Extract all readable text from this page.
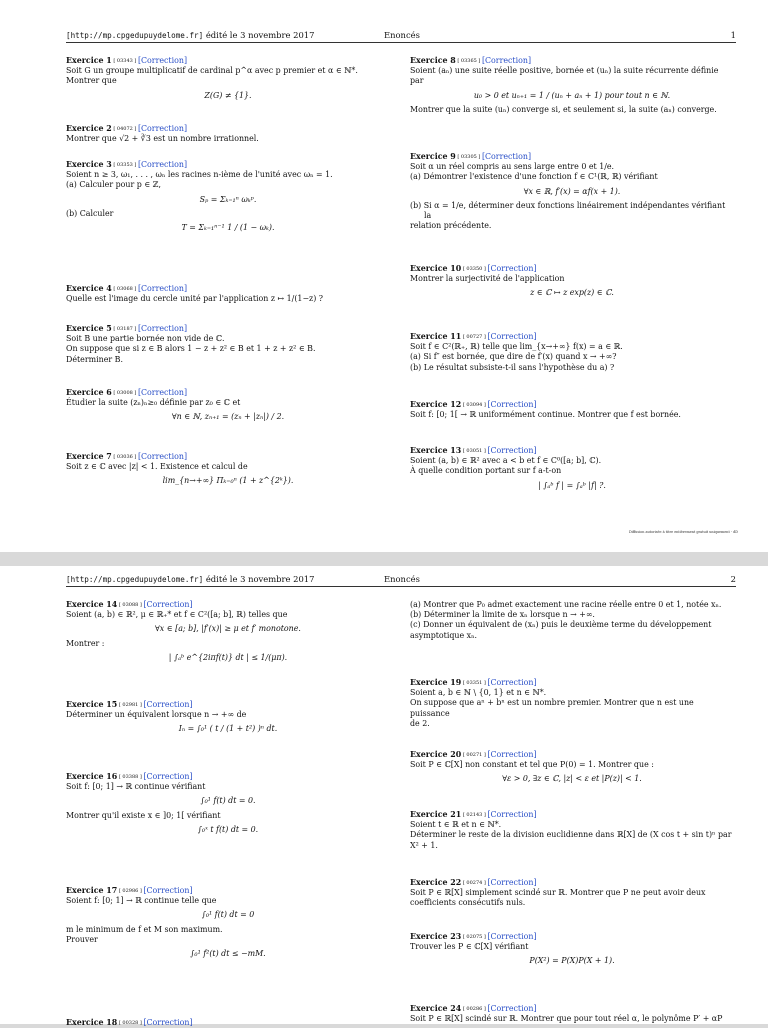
[http://mp.cpgedupuydelome.fr] édité le 3 novembre 2017	Enoncés	1
Exercice 1 [ 03343 ] [Correction]
Soit G un groupe multiplicatif de cardinal p^α avec p premier et α ∈ ℕ*.
Montrer que
Z(G) ≠ {1}.
Exercice 2 [ 04072 ] [Correction]
Montrer que √2 + ∛3 est un nombre irrationnel.
Exercice 3 [ 03353 ] [Correction]
Soient n ≥ 3, ω₁, . . . , ωₙ les racines n-ième de l'unité avec ωₙ = 1.
(a) Calculer pour p ∈ ℤ,
Sₚ = Σₖ₌₁ⁿ ωₖᵖ.
(b) Calculer
T = Σₖ₌₁ⁿ⁻¹ 1 / (1 − ωₖ).
Exercice 4 [ 03068 ] [Correction]
Quelle est l'image du cercle unité par l'application z ↦ 1/(1−z) ?
Exercice 5 [ 03187 ] [Correction]
Soit B une partie bornée non vide de ℂ.
On suppose que si z ∈ B alors 1 − z + z² ∈ B et 1 + z + z² ∈ B.
Déterminer B.
Exercice 6 [ 03008 ] [Correction]
Étudier la suite (zₙ)ₙ≥₀ définie par z₀ ∈ ℂ et
∀n ∈ ℕ, zₙ₊₁ = (zₙ + |zₙ|) / 2.
Exercice 7 [ 03036 ] [Correction]
Soit z ∈ ℂ avec |z| < 1. Existence et calcul de
lim_{n→+∞} Πₖ₌₀ⁿ (1 + z^{2ᵏ}).
Exercice 8 [ 03365 ] [Correction]
Soient (aₙ) une suite réelle positive, bornée et (uₙ) la suite récurrente définie par
u₀ > 0 et uₙ₊₁ = 1 / (uₙ + aₙ + 1) pour tout n ∈ ℕ.
Montrer que la suite (uₙ) converge si, et seulement si, la suite (aₙ) converge.
Exercice 9 [ 03305 ] [Correction]
Soit α un réel compris au sens large entre 0 et 1/e.
(a) Démontrer l'existence d'une fonction f ∈ C¹(ℝ, ℝ) vérifiant
∀x ∈ ℝ, f′(x) = αf(x + 1).
(b) Si α = 1/e, déterminer deux fonctions linéairement indépendantes vérifiant la
relation précédente.
Exercice 10 [ 03350 ] [Correction]
Montrer la surjectivité de l'application
z ∈ ℂ ↦ z exp(z) ∈ ℂ.
Exercice 11 [ 00727 ] [Correction]
Soit f ∈ C²(ℝ₊, ℝ) telle que lim_{x→+∞} f(x) = a ∈ ℝ.
(a) Si f″ est bornée, que dire de f′(x) quand x → +∞?
(b) Le résultat subsiste-t-il sans l'hypothèse du a) ?
Exercice 12 [ 03094 ] [Correction]
Soit f: [0; 1[ → ℝ uniformément continue. Montrer que f est bornée.
Exercice 13 [ 03051 ] [Correction]
Soient (a, b) ∈ ℝ² avec a < b et f ∈ C⁰([a; b], ℂ).
À quelle condition portant sur f a-t-on
| ∫ₐᵇ f | = ∫ₐᵇ |f| ?.
Diffusion autorisée à titre entièrement gratuit uniquement - dD
[http://mp.cpgedupuydelome.fr] édité le 3 novembre 2017	Enoncés	2
Exercice 14 [ 03088 ] [Correction]
Soient (a, b) ∈ ℝ², μ ∈ ℝ₊* et f ∈ C²([a; b], ℝ) telles que
∀x ∈ [a; b], |f′(x)| ≥ μ et f′ monotone.
Montrer :
| ∫ₐᵇ e^{2iπf(t)} dt | ≤ 1/(μπ).
Exercice 15 [ 02981 ] [Correction]
Déterminer un équivalent lorsque n → +∞ de
Iₙ = ∫₀¹ ( t / (1 + t²) )ⁿ dt.
Exercice 16 [ 03388 ] [Correction]
Soit f: [0; 1] → ℝ continue vérifiant
∫₀¹ f(t) dt = 0.
Montrer qu'il existe x ∈ ]0; 1[ vérifiant
∫₀ˣ t f(t) dt = 0.
Exercice 17 [ 02986 ] [Correction]
Soient f: [0; 1] → ℝ continue telle que
∫₀¹ f(t) dt = 0
m le minimum de f et M son maximum.
Prouver
∫₀¹ f²(t) dt ≤ −mM.
Exercice 18 [ 00328 ] [Correction]
(a) Montrer que P₀ admet exactement une racine réelle entre 0 et 1, notée xₙ.
(b) Déterminer la limite de xₙ lorsque n → +∞.
(c) Donner un équivalent de (xₙ) puis le deuxième terme du développement
asymptotique xₙ.
Exercice 19 [ 03351 ] [Correction]
Soient a, b ∈ ℕ \ {0, 1} et n ∈ ℕ*.
On suppose que aⁿ + bⁿ est un nombre premier. Montrer que n est une puissance
de 2.
Exercice 20 [ 00271 ] [Correction]
Soit P ∈ ℂ[X] non constant et tel que P(0) = 1. Montrer que :
∀ε > 0, ∃z ∈ ℂ, |z| < ε et |P(z)| < 1.
Exercice 21 [ 02143 ] [Correction]
Soient t ∈ ℝ et n ∈ ℕ*.
Déterminer le reste de la division euclidienne dans ℝ[X] de (X cos t + sin t)ⁿ par
X² + 1.
Exercice 22 [ 00274 ] [Correction]
Soit P ∈ ℝ[X] simplement scindé sur ℝ. Montrer que P ne peut avoir deux
coefficients consécutifs nuls.
Exercice 23 [ 02075 ] [Correction]
Trouver les P ∈ ℂ[X] vérifiant
P(X²) = P(X)P(X + 1).
Exercice 24 [ 00286 ] [Correction]
Soit P ∈ ℝ[X] scindé sur ℝ. Montrer que pour tout réel α, le polynôme P′ + αP
